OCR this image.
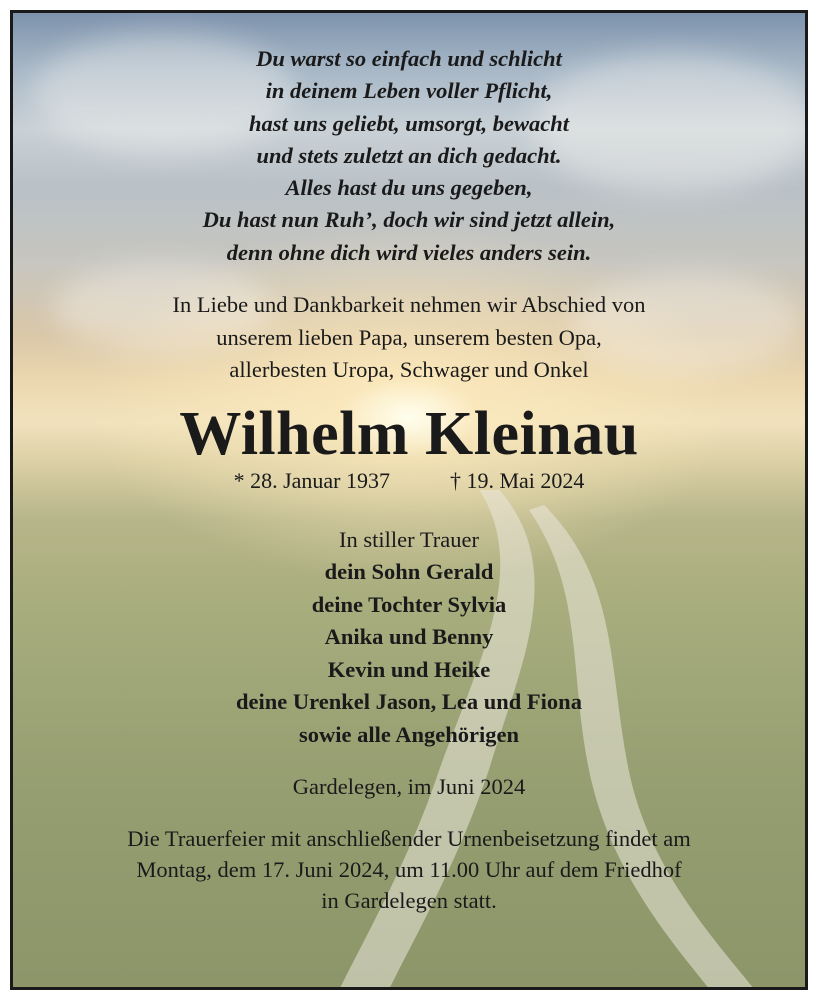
Du warst so einfach und schlicht
in deinem Leben voller Pflicht,
hast uns geliebt, umsorgt, bewacht
und stets zuletzt an dich gedacht.
Alles hast du uns gegeben,
Du hast nun Ruh’, doch wir sind jetzt allein,
denn ohne dich wird vieles anders sein.
In Liebe und Dankbarkeit nehmen wir Abschied von
unserem lieben Papa, unserem besten Opa,
allerbesten Uropa, Schwager und Onkel
Wilhelm Kleinau
* 28. Januar 1937	† 19. Mai 2024
In stiller Trauer
dein Sohn Gerald
deine Tochter Sylvia
Anika und Benny
Kevin und Heike
deine Urenkel Jason, Lea und Fiona
sowie alle Angehörigen
Gardelegen, im Juni 2024
Die Trauerfeier mit anschließender Urnenbeisetzung findet am
Montag, dem 17. Juni 2024, um 11.00 Uhr auf dem Friedhof
in Gardelegen statt.
